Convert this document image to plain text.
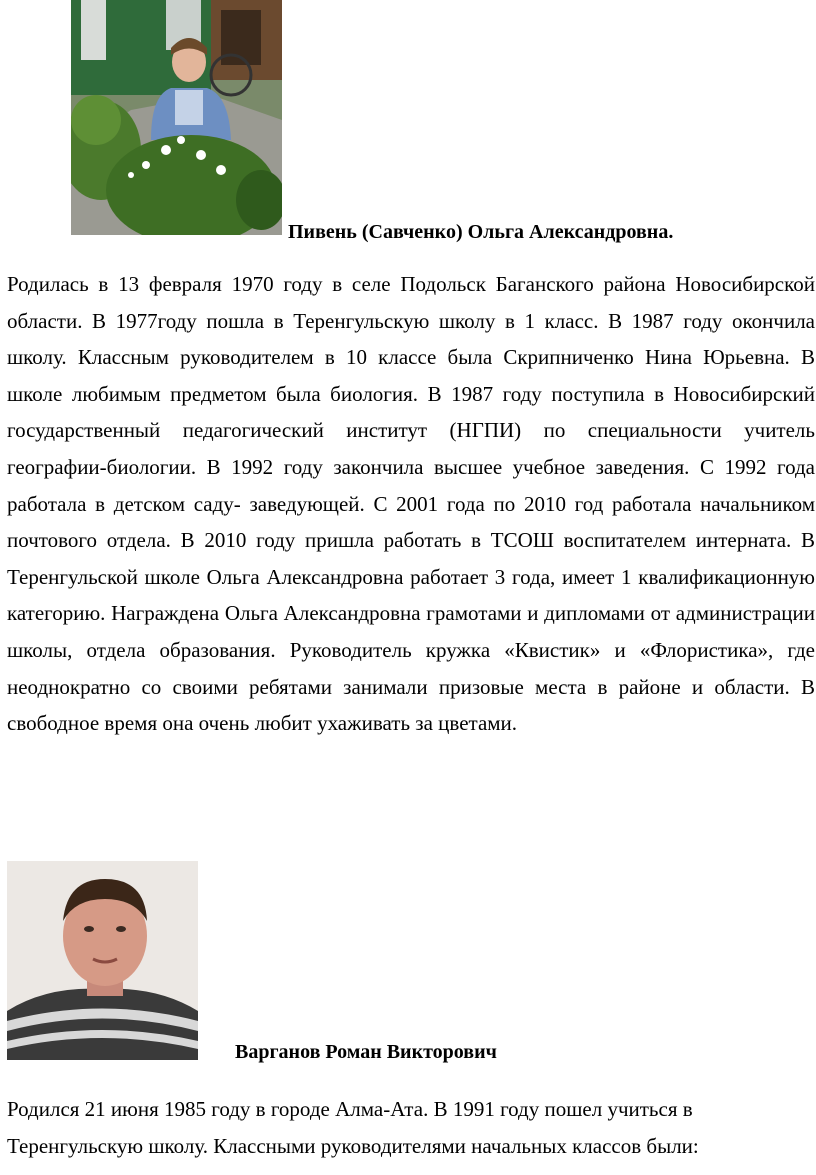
Пивень (Савченко) Ольга Александровна.

Родилась в 13 февраля 1970 году в селе Подольск Баганского района Новосибирской области. В 1977году пошла в Теренгульскую школу в 1 класс. В 1987 году окончила школу. Классным руководителем в 10 классе была Скрипниченко Нина Юрьевна. В школе любимым предметом была биология. В 1987 году поступила в Новосибирский государственный педагогический институт (НГПИ) по специальности учитель географии-биологии. В 1992 году закончила высшее учебное заведения. С 1992 года работала в детском саду- заведующей. С 2001 года по 2010 год работала начальником почтового отдела. В 2010 году пришла работать в ТСОШ воспитателем интерната. В Теренгульской школе Ольга Александровна работает 3 года, имеет 1 квалификационную категорию. Награждена Ольга Александровна грамотами и дипломами от администрации школы, отдела образования. Руководитель кружка «Квистик» и «Флористика», где неоднократно со своими ребятами занимали призовые места в районе и области. В свободное время она очень любит ухаживать за цветами.

Варганов Роман Викторович

Родился 21 июня 1985 году в городе Алма-Ата. В 1991 году пошел учиться в Теренгульскую школу. Классными руководителями начальных классов были:
